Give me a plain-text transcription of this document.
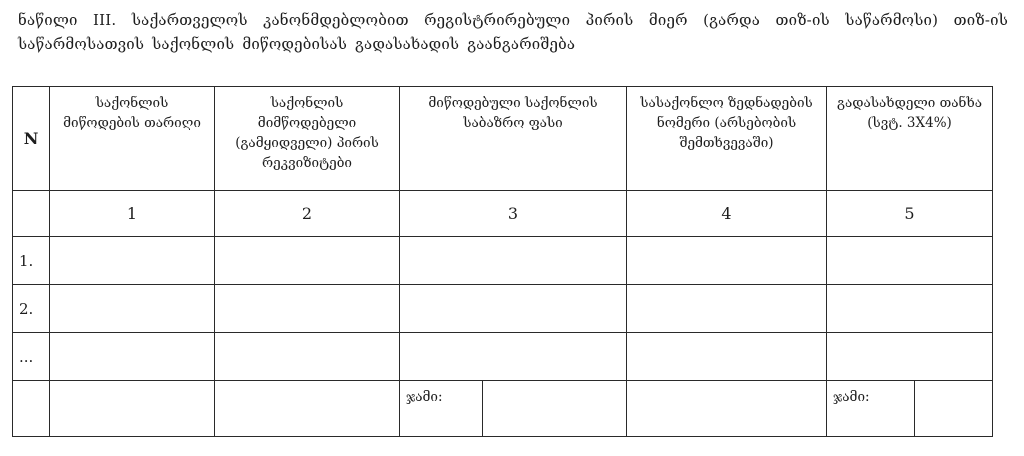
ნაწილი III. საქართველოს კანონმდებლობით რეგისტრირებული პირის მიერ (გარდა თიზ-ის საწარმოსი) თიზ-ის საწარმოსათვის საქონლის მიწოდებისას გადასახადის გაანგარიშება
N	საქონლის მიწოდების თარიღი	საქონლის მიმწოდებელი (გამყიდველი) პირის რეკვიზიტები	მიწოდებული საქონლის საბაზრო ფასი		სასაქონლო ზედნადების ნომერი (არსებობის შემთხვევაში)	გადასახდელი თანხა (სვტ. 3X4%)	

	1	2	3		4	5	
1.							
2.							
...							
			ჯამი:			ჯამი:	
